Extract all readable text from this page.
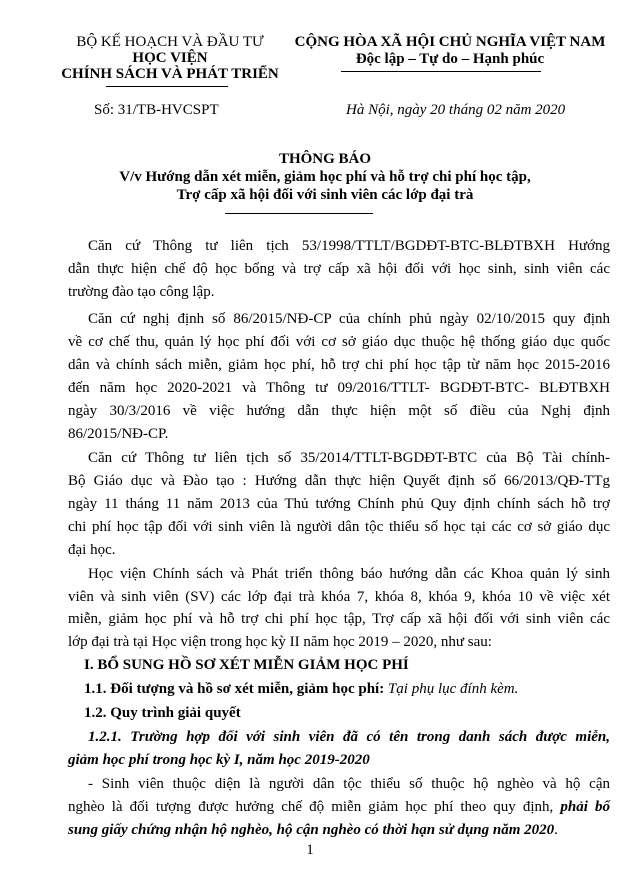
BỘ KẾ HOẠCH VÀ ĐẦU TƯ
HỌC VIỆN
CHÍNH SÁCH VÀ PHÁT TRIỂN
CỘNG HÒA XÃ HỘI CHỦ NGHĨA VIỆT NAM
Độc lập – Tự do – Hạnh phúc
Số: 31/TB-HVCSPT	Hà Nội, ngày 20 tháng 02 năm 2020
THÔNG BÁO
V/v Hướng dẫn xét miễn, giảm học phí và hỗ trợ chi phí học tập,
Trợ cấp xã hội đối với sinh viên các lớp đại trà
Căn cứ Thông tư liên tịch 53/1998/TTLT/BGDĐT-BTC-BLĐTBXH Hướng
dẫn thực hiện chế độ học bổng và trợ cấp xã hội đối với học sinh, sinh viên các
trường đào tạo công lập.
Căn cứ nghị định số 86/2015/NĐ-CP của chính phủ ngày 02/10/2015 quy định
về cơ chế thu, quản lý học phí đối với cơ sở giáo dục thuộc hệ thống giáo dục quốc
dân và chính sách miễn, giảm học phí, hỗ trợ chi phí học tập từ năm học 2015-2016
đến năm học 2020-2021 và Thông tư 09/2016/TTLT- BGDĐT-BTC- BLĐTBXH
ngày 30/3/2016 về việc hướng dẫn thực hiện một số điều của Nghị định
86/2015/NĐ-CP.
Căn cứ Thông tư liên tịch số 35/2014/TTLT-BGDĐT-BTC của Bộ Tài chính-
Bộ Giáo dục và Đào tạo : Hướng dẫn thực hiện Quyết định số 66/2013/QĐ-TTg
ngày 11 tháng 11 năm 2013 của Thủ tướng Chính phủ Quy định chính sách hỗ trợ
chi phí học tập đối với sinh viên là người dân tộc thiểu số học tại các cơ sở giáo dục
đại học.
Học viện Chính sách và Phát triển thông báo hướng dẫn các Khoa quản lý sinh
viên và sinh viên (SV) các lớp đại trà khóa 7, khóa 8, khóa 9, khóa 10 về việc xét
miễn, giảm học phí và hỗ trợ chi phí học tập, Trợ cấp xã hội đối với sinh viên các
lớp đại trà tại Học viện trong học kỳ II năm học 2019 – 2020, như sau:
I. BỔ SUNG HỒ SƠ XÉT MIỄN GIẢM HỌC PHÍ
1.1. Đối tượng và hồ sơ xét miễn, giảm học phí: Tại phụ lục đính kèm.
1.2. Quy trình giải quyết
1.2.1. Trường hợp đối với sinh viên đã có tên trong danh sách được miễn,
giảm học phí trong học kỳ I, năm học 2019-2020
- Sinh viên thuộc diện là người dân tộc thiểu số thuộc hộ nghèo và hộ cận
nghèo là đối tượng được hưởng chế độ miễn giảm học phí theo quy định, phải bổ
sung giấy chứng nhận hộ nghèo, hộ cận nghèo có thời hạn sử dụng năm 2020.
1
